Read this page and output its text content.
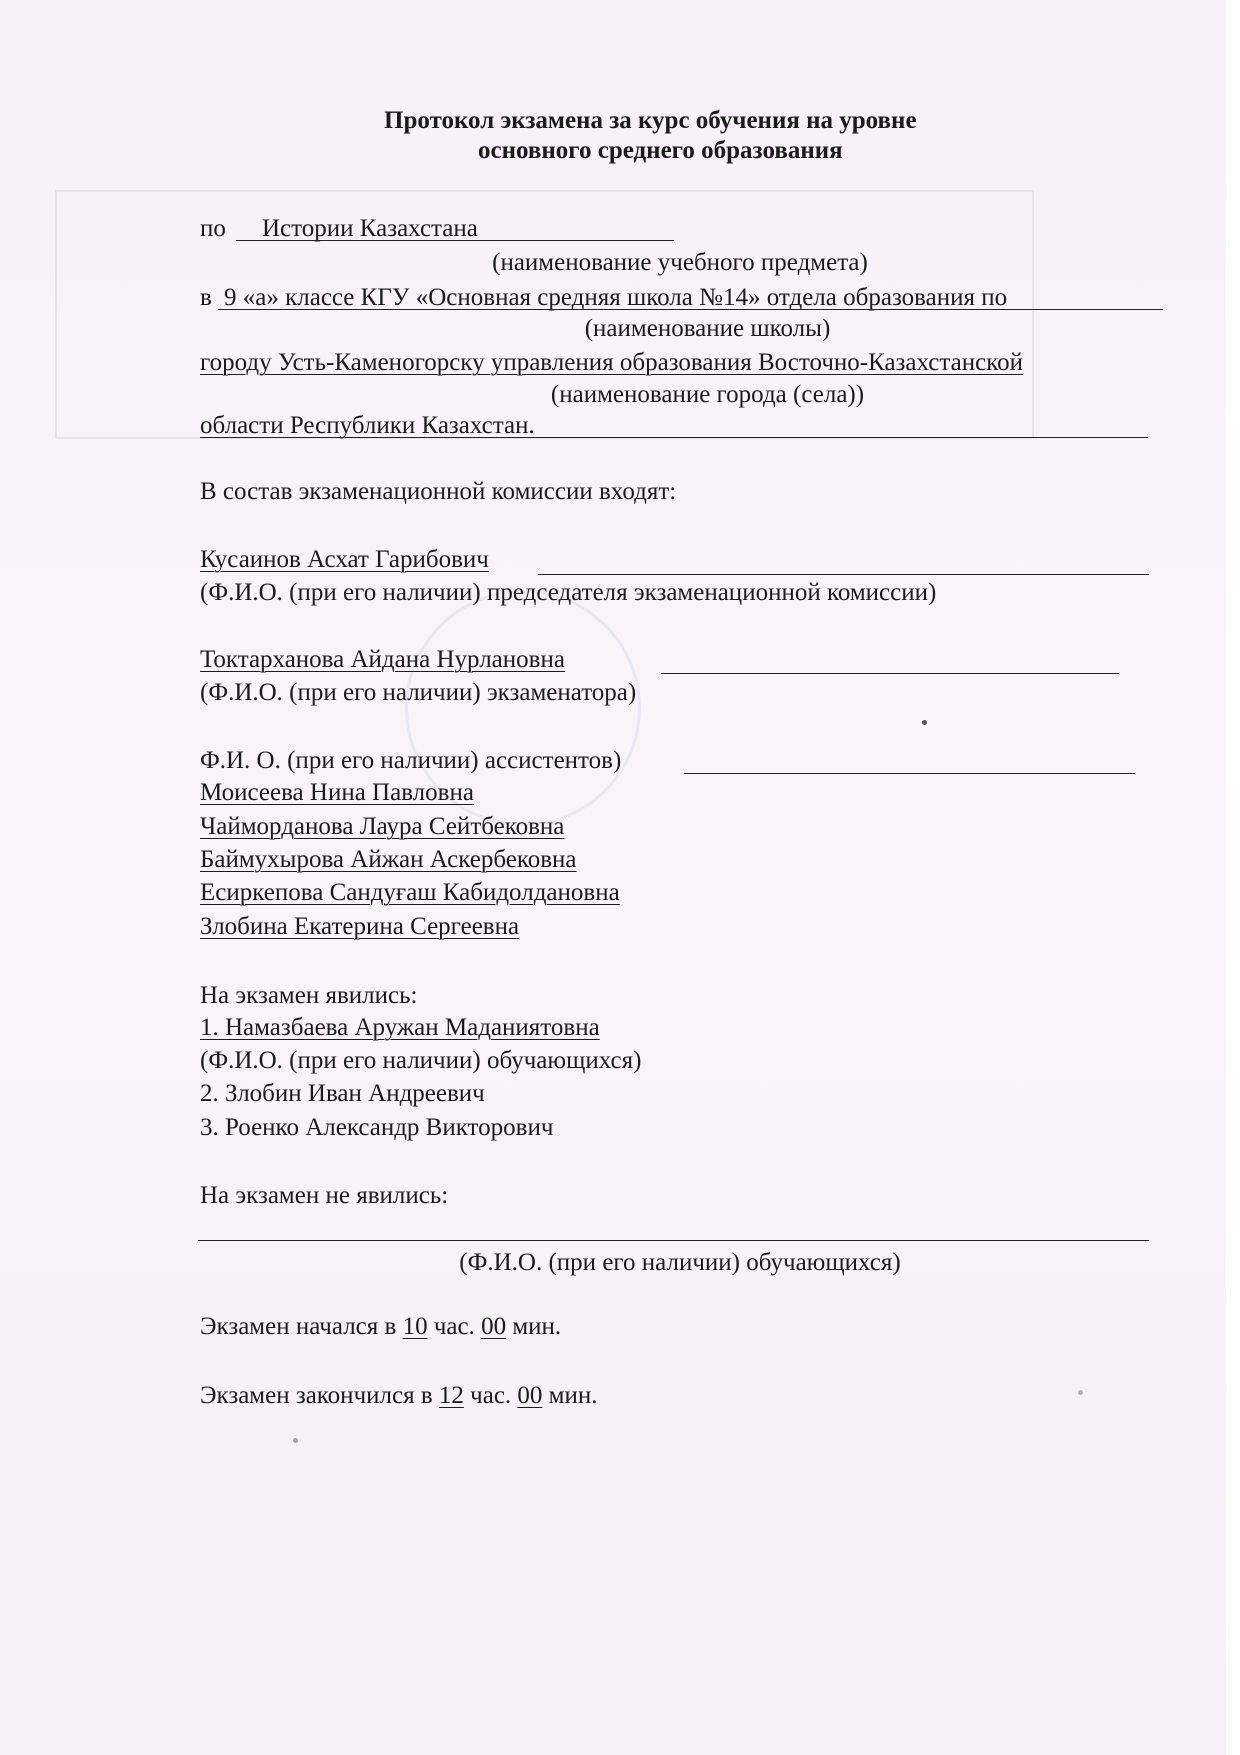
Протокол экзамена за курс обучения на уровне
основного среднего образования
по Истории Казахстана
(наименование учебного предмета)
в 9 «а» классе КГУ «Основная средняя школа №14» отдела образования по
(наименование школы)
городу Усть-Каменогорску управления образования Восточно-Казахстанской
(наименование города (села))
области Республики Казахстан.
В состав экзаменационной комиссии входят:
Кусаинов Асхат Гарибович
(Ф.И.О. (при его наличии) председателя экзаменационной комиссии)
Токтарханова Айдана Нурлановна
(Ф.И.О. (при его наличии) экзаменатора)
Ф.И. О. (при его наличии) ассистентов)
Моисеева Нина Павловна
Чайморданова Лаура Сейтбековна
Баймухырова Айжан Аскербековна
Есиркепова Сандуғаш Кабидолдановна
Злобина Екатерина Сергеевна
На экзамен явились:
1. Намазбаева Аружан Маданиятовна
(Ф.И.О. (при его наличии) обучающихся)
2. Злобин Иван Андреевич
3. Роенко Александр Викторович
На экзамен не явились:
(Ф.И.О. (при его наличии) обучающихся)
Экзамен начался в 10 час. 00 мин.
Экзамен закончился в 12 час. 00 мин.
